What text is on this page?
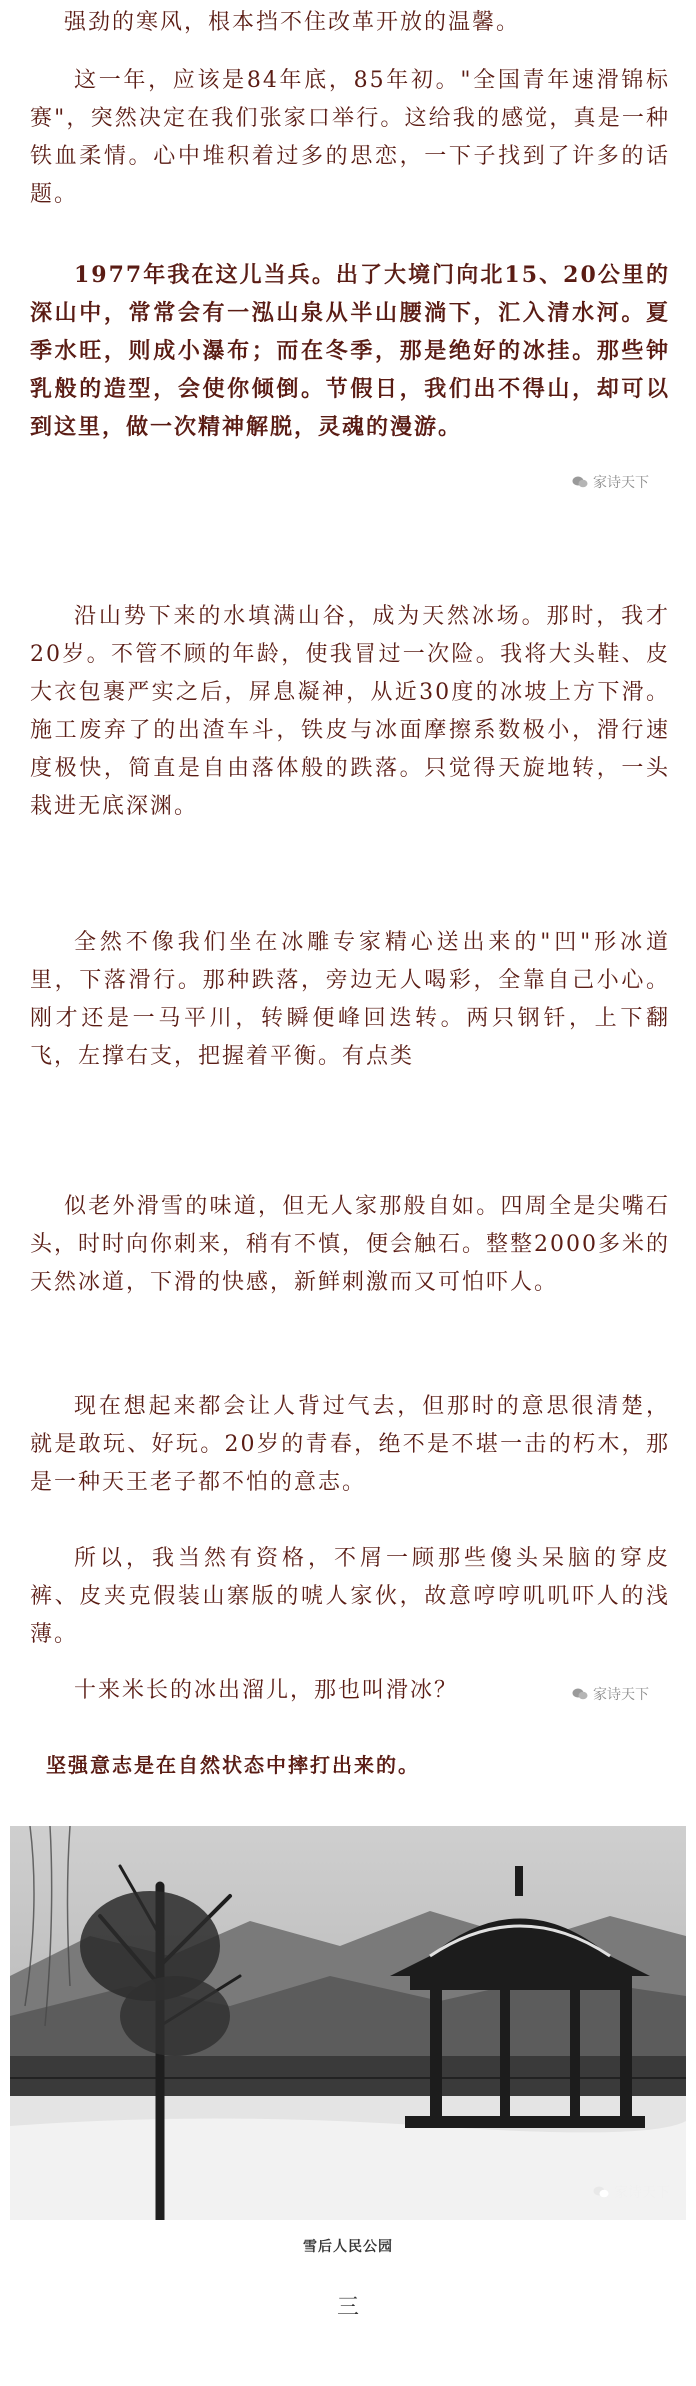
强劲的寒风，根本挡不住改革开放的温馨。

这一年，应该是84年底，85年初。"全国青年速滑锦标赛"，突然决定在我们张家口举行。这给我的感觉，真是一种铁血柔情。心中堆积着过多的思恋，一下子找到了许多的话题。

1977年我在这儿当兵。出了大境门向北15、20公里的深山中，常常会有一泓山泉从半山腰淌下，汇入清水河。夏季水旺，则成小瀑布；而在冬季，那是绝好的冰挂。那些钟乳般的造型，会使你倾倒。节假日，我们出不得山，却可以到这里，做一次精神解脱，灵魂的漫游。

家诗天下

沿山势下来的水填满山谷，成为天然冰场。那时，我才20岁。不管不顾的年龄，使我冒过一次险。我将大头鞋、皮大衣包裹严实之后，屏息凝神，从近30度的冰坡上方下滑。施工废弃了的出渣车斗，铁皮与冰面摩擦系数极小，滑行速度极快，简直是自由落体般的跌落。只觉得天旋地转，一头栽进无底深渊。

全然不像我们坐在冰雕专家精心送出来的"凹"形冰道里，下落滑行。那种跌落，旁边无人喝彩，全靠自己小心。刚才还是一马平川，转瞬便峰回迭转。两只钢钎，上下翻飞，左撑右支，把握着平衡。有点类

似老外滑雪的味道，但无人家那般自如。四周全是尖嘴石头，时时向你刺来，稍有不慎，便会触石。整整2000多米的天然冰道，下滑的快感，新鲜刺激而又可怕吓人。

现在想起来都会让人背过气去，但那时的意思很清楚，就是敢玩、好玩。20岁的青春，绝不是不堪一击的朽木，那是一种天王老子都不怕的意志。

所以，我当然有资格，不屑一顾那些傻头呆脑的穿皮裤、皮夹克假装山寨版的唬人家伙，故意哼哼叽叽吓人的浅薄。

十来米长的冰出溜儿，那也叫滑冰？	家诗天下

坚强意志是在自然状态中摔打出来的。

家诗天下
雪后人民公园
三
